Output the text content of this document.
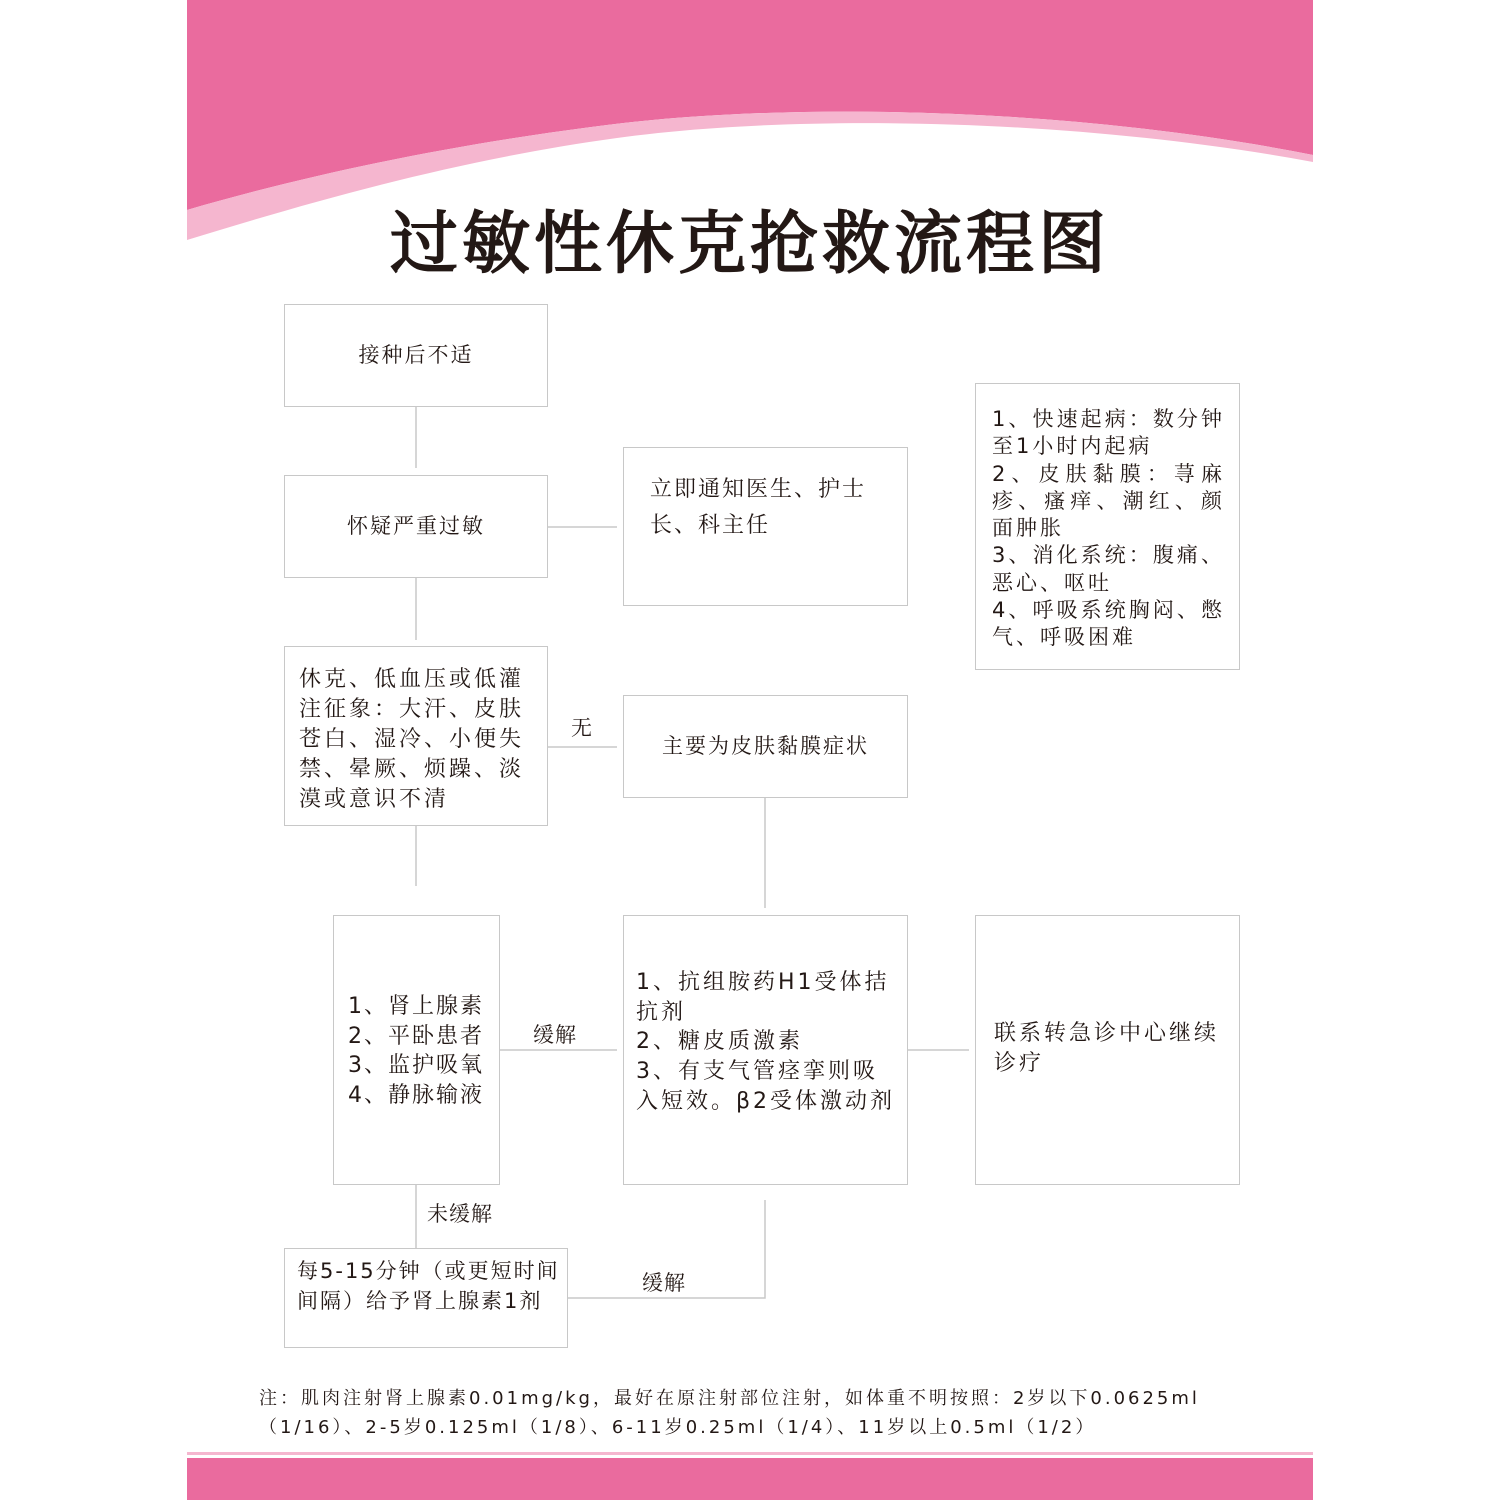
过敏性休克抢救流程图
接种后不适
怀疑严重过敏
立即通知医生、护士长、科主任
1、快速起病：数分钟至1小时内起病
2、皮肤黏膜：荨麻疹、瘙痒、潮红、颜面肿胀
3、消化系统：腹痛、恶心、呕吐
4、呼吸系统胸闷、憋气、呼吸困难
休克、低血压或低灌注征象：大汗、皮肤苍白、湿冷、小便失禁、晕厥、烦躁、淡漠或意识不清
主要为皮肤黏膜症状
1、肾上腺素
2、平卧患者
3、监护吸氧
4、静脉输液
1、抗组胺药H1受体拮抗剂
2、糖皮质激素
3、有支气管痉挛则吸入短效。β2受体激动剂
联系转急诊中心继续诊疗
每5-15分钟（或更短时间间隔）给予肾上腺素1剂
无
缓解
未缓解
缓解
注：肌肉注射肾上腺素0.01mg/kg，最好在原注射部位注射，如体重不明按照：2岁以下0.0625ml（1/16）、2-5岁0.125ml（1/8）、6-11岁0.25ml（1/4）、11岁以上0.5ml（1/2）
